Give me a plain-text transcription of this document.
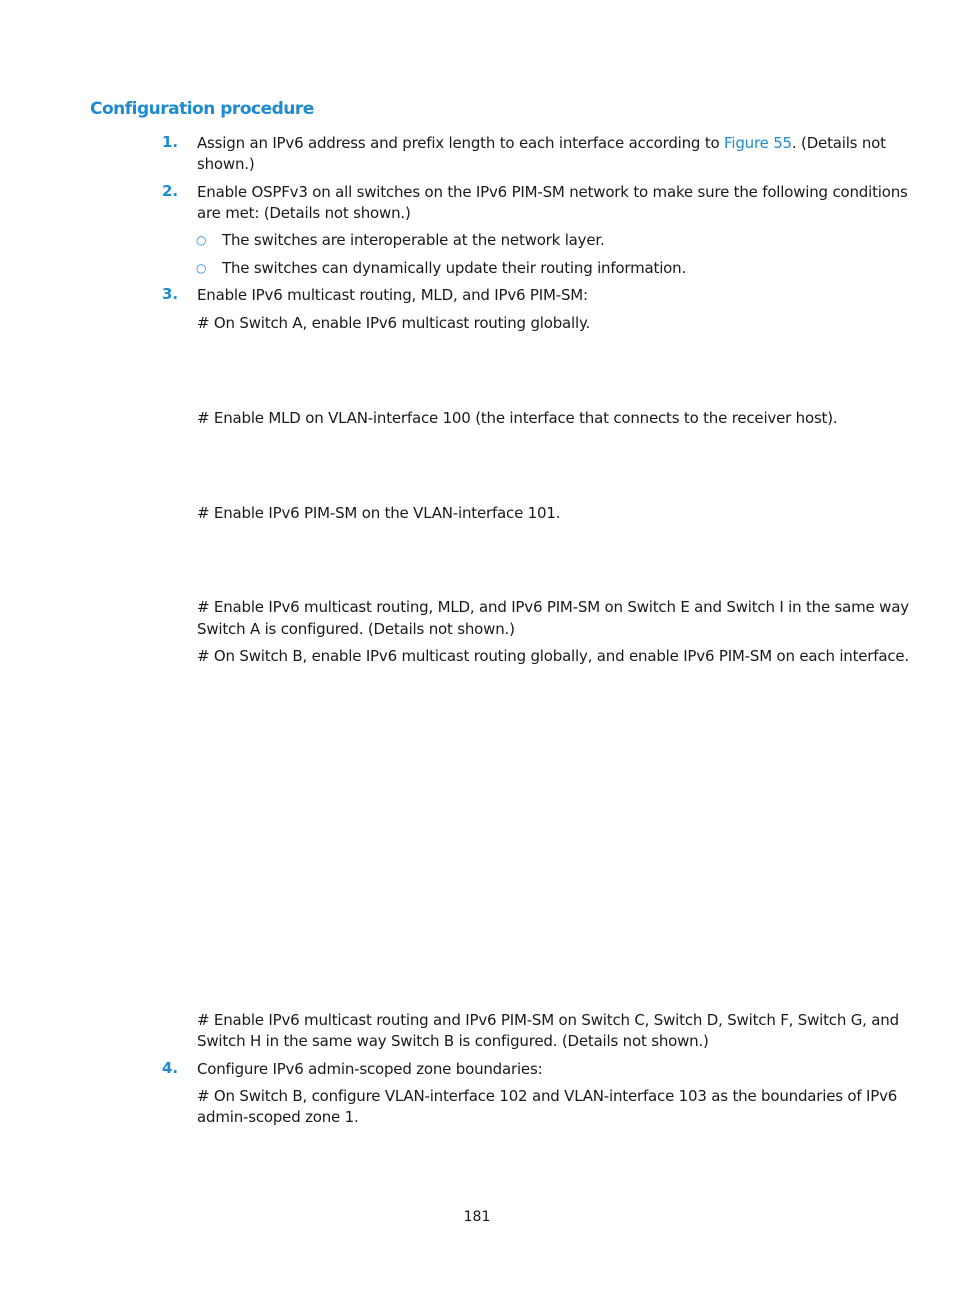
Configuration procedure
1. Assign an IPv6 address and prefix length to each interface according to Figure 55. (Details not
shown.)
2. Enable OSPFv3 on all switches on the IPv6 PIM-SM network to make sure the following conditions
are met: (Details not shown.)
○ The switches are interoperable at the network layer.
○ The switches can dynamically update their routing information.
3. Enable IPv6 multicast routing, MLD, and IPv6 PIM-SM:
# On Switch A, enable IPv6 multicast routing globally.
# Enable MLD on VLAN-interface 100 (the interface that connects to the receiver host).
# Enable IPv6 PIM-SM on the VLAN-interface 101.
# Enable IPv6 multicast routing, MLD, and IPv6 PIM-SM on Switch E and Switch I in the same way
Switch A is configured. (Details not shown.)
# On Switch B, enable IPv6 multicast routing globally, and enable IPv6 PIM-SM on each interface.
# Enable IPv6 multicast routing and IPv6 PIM-SM on Switch C, Switch D, Switch F, Switch G, and
Switch H in the same way Switch B is configured. (Details not shown.)
4. Configure IPv6 admin-scoped zone boundaries:
# On Switch B, configure VLAN-interface 102 and VLAN-interface 103 as the boundaries of IPv6
admin-scoped zone 1.
181
